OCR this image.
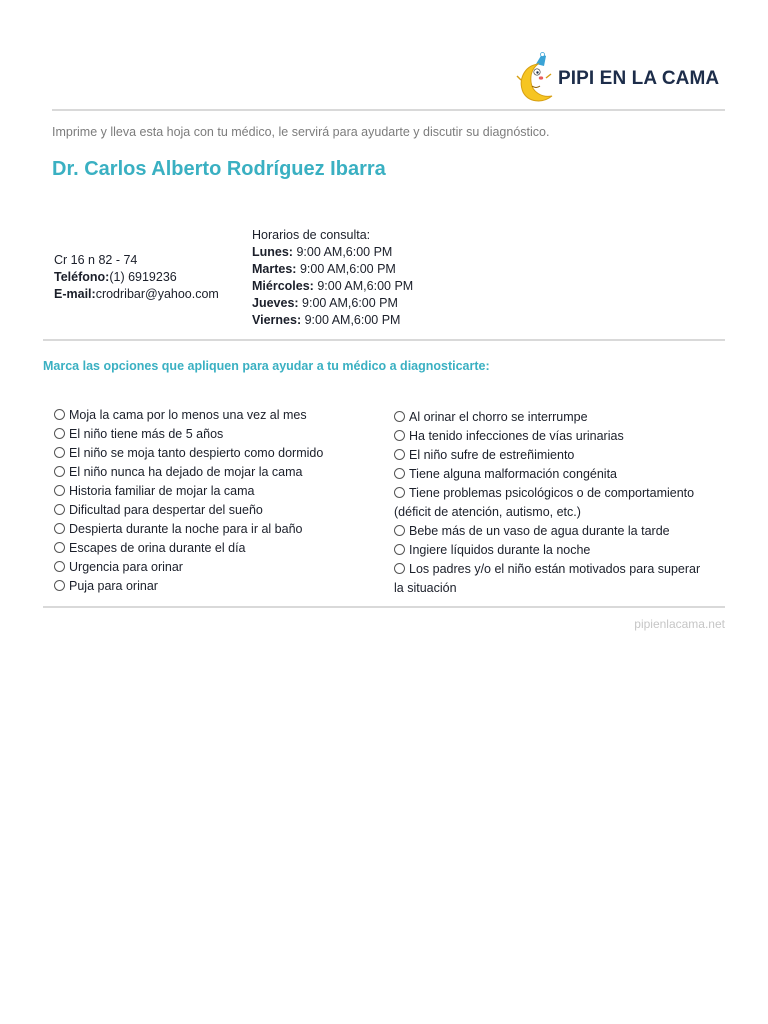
PIPI EN LA CAMA
Imprime y lleva esta hoja con tu médico, le servirá para ayudarte y discutir su diagnóstico.
Dr. Carlos Alberto Rodríguez Ibarra
Cr 16 n 82 - 74
Teléfono:(1) 6919236
E-mail:crodribar@yahoo.com
Horarios de consulta:
Lunes: 9:00 AM,6:00 PM
Martes: 9:00 AM,6:00 PM
Miércoles: 9:00 AM,6:00 PM
Jueves: 9:00 AM,6:00 PM
Viernes: 9:00 AM,6:00 PM
Marca las opciones que apliquen para ayudar a tu médico a diagnosticarte:
Moja la cama por lo menos una vez al mes
El niño tiene más de 5 años
El niño se moja tanto despierto como dormido
El niño nunca ha dejado de mojar la cama
Historia familiar de mojar la cama
Dificultad para despertar del sueño
Despierta durante la noche para ir al baño
Escapes de orina durante el día
Urgencia para orinar
Puja para orinar
Al orinar el chorro se interrumpe
Ha tenido infecciones de vías urinarias
El niño sufre de estreñimiento
Tiene alguna malformación congénita
Tiene problemas psicológicos o de comportamiento (déficit de atención, autismo, etc.)
Bebe más de un vaso de agua durante la tarde
Ingiere líquidos durante la noche
Los padres y/o el niño están motivados para superar la situación
pipienlacama.net
